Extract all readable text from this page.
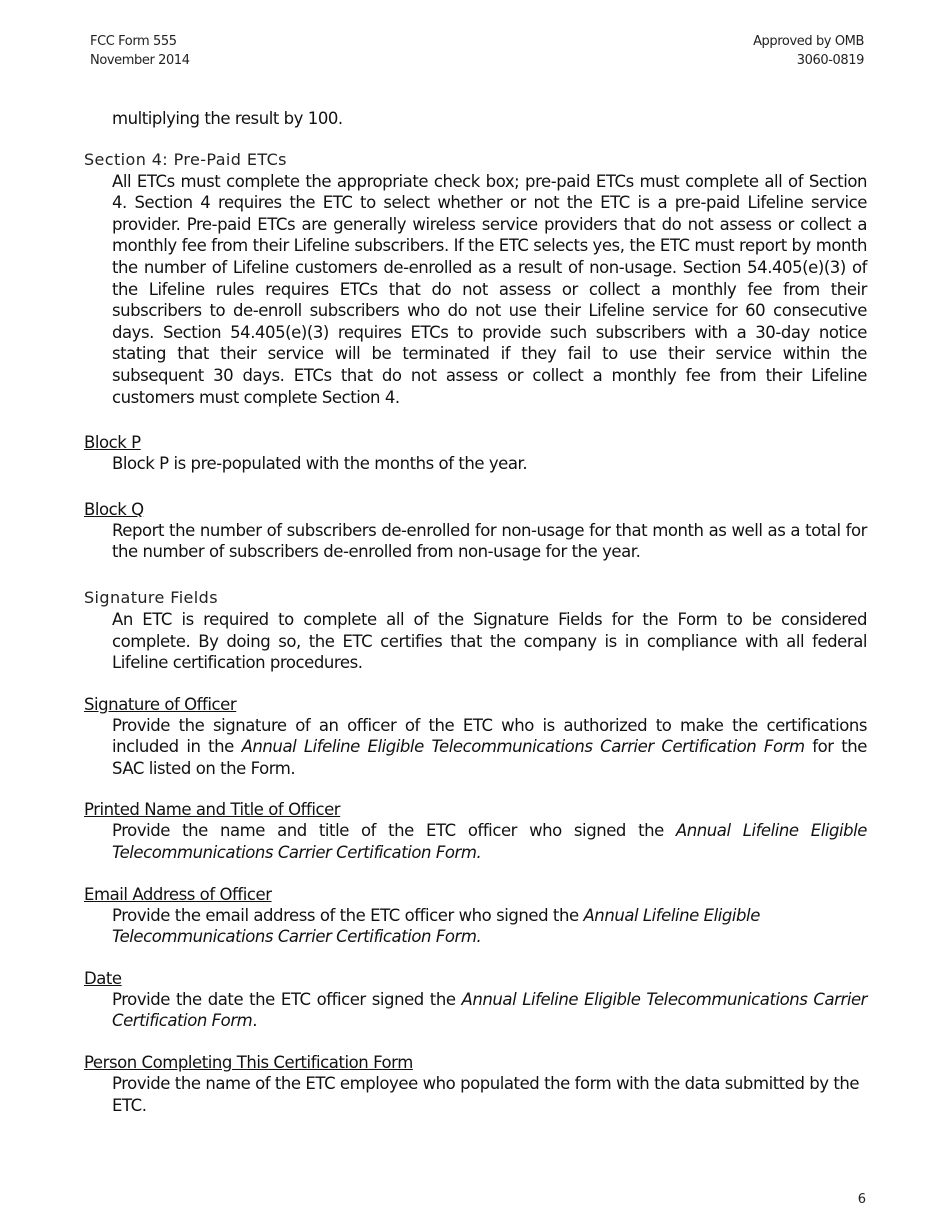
FCC Form 555
November 2014
Approved by OMB
3060-0819

multiplying the result by 100.

Section 4: Pre-Paid ETCs

All ETCs must complete the appropriate check box; pre-paid ETCs must complete all of Section 4. Section 4 requires the ETC to select whether or not the ETC is a pre-paid Lifeline service provider. Pre-paid ETCs are generally wireless service providers that do not assess or collect a monthly fee from their Lifeline subscribers. If the ETC selects yes, the ETC must report by month the number of Lifeline customers de-enrolled as a result of non-usage. Section 54.405(e)(3) of the Lifeline rules requires ETCs that do not assess or collect a monthly fee from their subscribers to de-enroll subscribers who do not use their Lifeline service for 60 consecutive days. Section 54.405(e)(3) requires ETCs to provide such subscribers with a 30-day notice stating that their service will be terminated if they fail to use their service within the subsequent 30 days. ETCs that do not assess or collect a monthly fee from their Lifeline customers must complete Section 4.

Block P

Block P is pre-populated with the months of the year.

Block Q

Report the number of subscribers de-enrolled for non-usage for that month as well as a total for the number of subscribers de-enrolled from non-usage for the year.

Signature Fields

An ETC is required to complete all of the Signature Fields for the Form to be considered complete. By doing so, the ETC certifies that the company is in compliance with all federal Lifeline certification procedures.

Signature of Officer

Provide the signature of an officer of the ETC who is authorized to make the certifications included in the Annual Lifeline Eligible Telecommunications Carrier Certification Form for the SAC listed on the Form.

Printed Name and Title of Officer

Provide the name and title of the ETC officer who signed the Annual Lifeline Eligible Telecommunications Carrier Certification Form.

Email Address of Officer

Provide the email address of the ETC officer who signed the Annual Lifeline Eligible
Telecommunications Carrier Certification Form.

Date

Provide the date the ETC officer signed the Annual Lifeline Eligible Telecommunications Carrier Certification Form.

Person Completing This Certification Form

Provide the name of the ETC employee who populated the form with the data submitted by the ETC.

6
